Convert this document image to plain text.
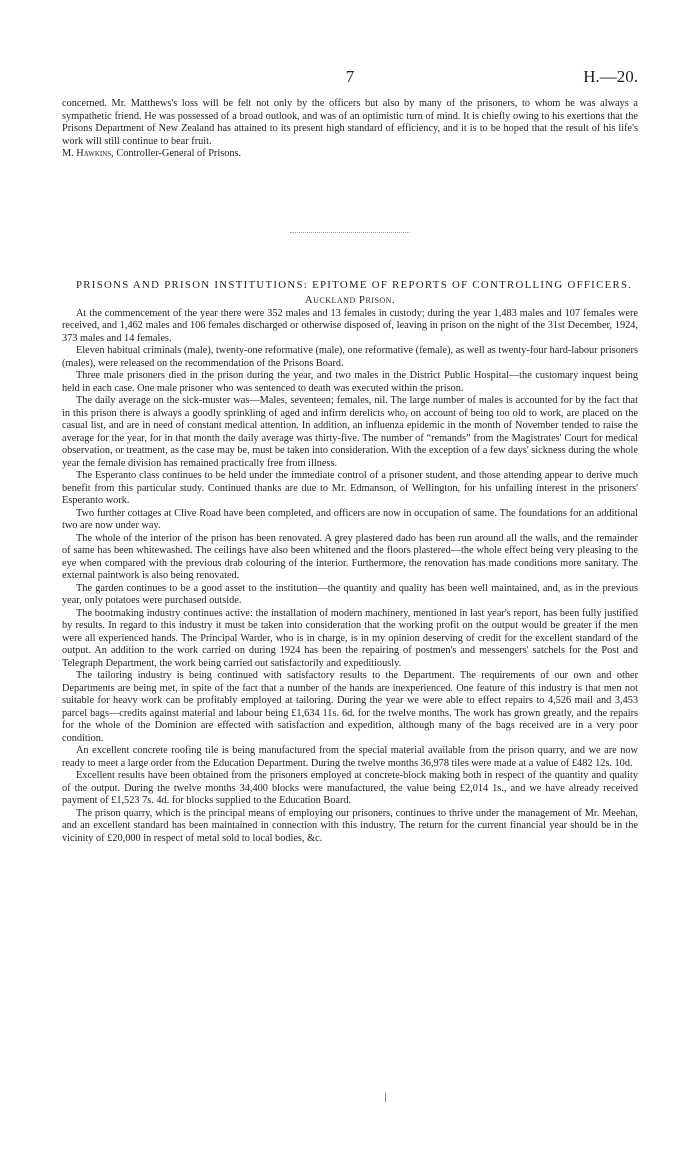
7	H.—20.

concerned. Mr. Matthews's loss will be felt not only by the officers but also by many of the prisoners, to whom he was always a sympathetic friend. He was possessed of a broad outlook, and was of an optimistic turn of mind. It is chiefly owing to his exertions that the Prisons Department of New Zealand has attained to its present high standard of efficiency, and it is to be hoped that the result of his life's work will still continue to bear fruit.

M. Hawkins, Controller-General of Prisons.

PRISONS AND PRISON INSTITUTIONS: EPITOME OF REPORTS OF CONTROLLING OFFICERS.

Auckland Prison.

At the commencement of the year there were 352 males and 13 females in custody; during the year 1,483 males and 107 females were received, and 1,462 males and 106 females discharged or otherwise disposed of, leaving in prison on the night of the 31st December, 1924, 373 males and 14 females.

Eleven habitual criminals (male), twenty-one reformative (male), one reformative (female), as well as twenty-four hard-labour prisoners (males), were released on the recommendation of the Prisons Board.

Three male prisoners died in the prison during the year, and two males in the District Public Hospital—the customary inquest being held in each case. One male prisoner who was sentenced to death was executed within the prison.

The daily average on the sick-muster was—Males, seventeen; females, nil. The large number of males is accounted for by the fact that in this prison there is always a goodly sprinkling of aged and infirm derelicts who, on account of being too old to work, are placed on the casual list, and are in need of constant medical attention. In addition, an influenza epidemic in the month of November tended to raise the average for the year, for in that month the daily average was thirty-five. The number of “remands” from the Magistrates' Court for medical observation, or treatment, as the case may be, must be taken into consideration. With the exception of a few days' sickness during the whole year the female division has remained practically free from illness.

The Esperanto class continues to be held under the immediate control of a prisoner student, and those attending appear to derive much benefit from this particular study. Continued thanks are due to Mr. Edmanson, of Wellington, for his unfailing interest in the prisoners' Esperanto work.

Two further cottages at Clive Road have been completed, and officers are now in occupation of same. The foundations for an additional two are now under way.

The whole of the interior of the prison has been renovated. A grey plastered dado has been run around all the walls, and the remainder of same has been whitewashed. The ceilings have also been whitened and the floors plastered—the whole effect being very pleasing to the eye when compared with the previous drab colouring of the interior. Furthermore, the renovation has made conditions more sanitary. The external paintwork is also being renovated.

The garden continues to be a good asset to the institution—the quantity and quality has been well maintained, and, as in the previous year, only potatoes were purchased outside.

The bootmaking industry continues active: the installation of modern machinery, mentioned in last year's report, has been fully justified by results. In regard to this industry it must be taken into consideration that the working profit on the output would be greater if the men were all experienced hands. The Principal Warder, who is in charge, is in my opinion deserving of credit for the excellent standard of the output. An addition to the work carried on during 1924 has been the repairing of postmen's and messengers' satchels for the Post and Telegraph Department, the work being carried out satisfactorily and expeditiously.

The tailoring industry is being continued with satisfactory results to the Department. The requirements of our own and other Departments are being met, in spite of the fact that a number of the hands are inexperienced. One feature of this industry is that men not suitable for heavy work can be profitably employed at tailoring. During the year we were able to effect repairs to 4,526 mail and 3,453 parcel bags—credits against material and labour being £1,634 11s. 6d. for the twelve months. The work has grown greatly, and the repairs for the whole of the Dominion are effected with satisfaction and expedition, although many of the bags received are in a very poor condition.

An excellent concrete roofing tile is being manufactured from the special material available from the prison quarry, and we are now ready to meet a large order from the Education Department. During the twelve months 36,978 tiles were made at a value of £482 12s. 10d.

Excellent results have been obtained from the prisoners employed at concrete-block making both in respect of the quantity and quality of the output. During the twelve months 34,400 blocks were manufactured, the value being £2,014 1s., and we have already received payment of £1,523 7s. 4d. for blocks supplied to the Education Board.

The prison quarry, which is the principal means of employing our prisoners, continues to thrive under the management of Mr. Meehan, and an excellent standard has been maintained in connection with this industry. The return for the current financial year should be in the vicinity of £20,000 in respect of metal sold to local bodies, &c.
